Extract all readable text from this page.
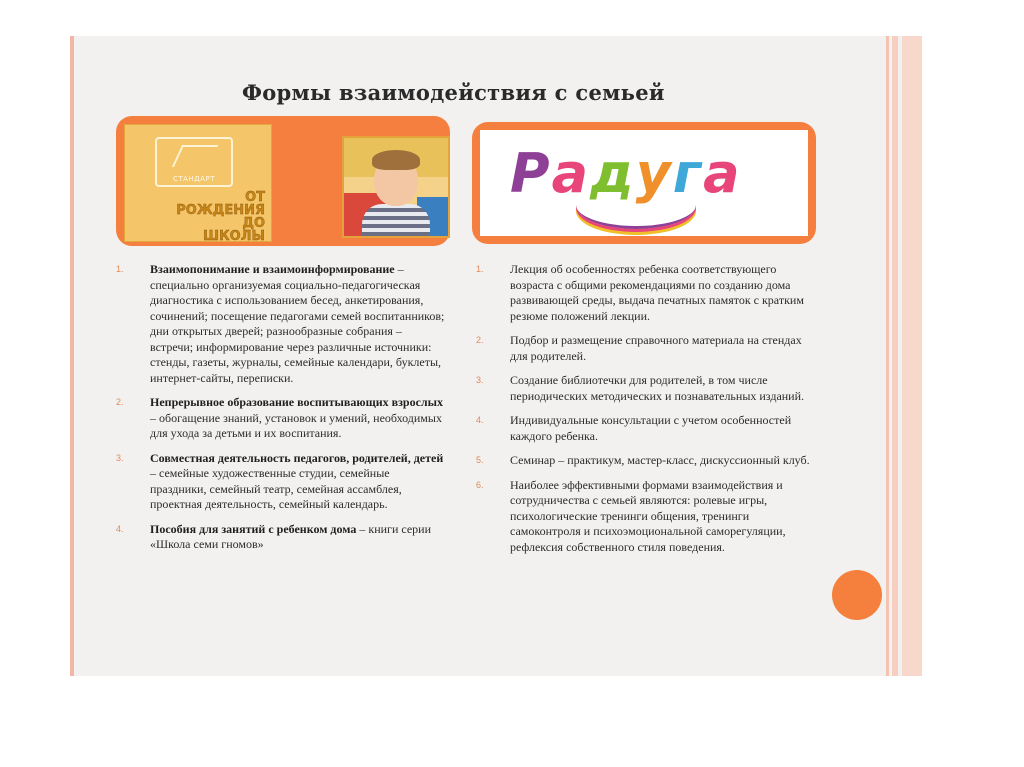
Формы взаимодействия с семьей
СТАНДАРТ
ОТ
РОЖДЕНИЯ
ДО
ШКОЛЫ
Радуга
1. Взаимопонимание и взаимоинформирование – специально организуемая социально-педагогическая диагностика с использованием бесед, анкетирования, сочинений; посещение педагогами семей воспитанников; дни открытых дверей; разнообразные собрания – встречи; информирование через различные источники: стенды, газеты, журналы, семейные календари, буклеты, интернет-сайты, переписки.
2. Непрерывное образование воспитывающих взрослых – обогащение знаний, установок и умений, необходимых для ухода за детьми и их воспитания.
3. Совместная деятельность педагогов, родителей, детей – семейные художественные студии, семейные праздники, семейный театр, семейная ассамблея, проектная деятельность, семейный календарь.
4. Пособия для занятий с ребенком дома – книги серии «Школа семи гномов»
1. Лекция об особенностях ребенка соответствующего возраста с общими рекомендациями по созданию дома развивающей среды, выдача печатных памяток с кратким резюме положений лекции.
2. Подбор и размещение справочного материала на стендах для родителей.
3. Создание библиотечки для родителей, в том числе периодических методических и познавательных изданий.
4. Индивидуальные консультации с учетом особенностей каждого ребенка.
5. Семинар – практикум, мастер-класс, дискуссионный клуб.
6. Наиболее эффективными формами взаимодействия и сотрудничества с семьей являются: ролевые игры, психологические тренинги общения, тренинги самоконтроля и психоэмоциональной саморегуляции, рефлексия собственного стиля поведения.
